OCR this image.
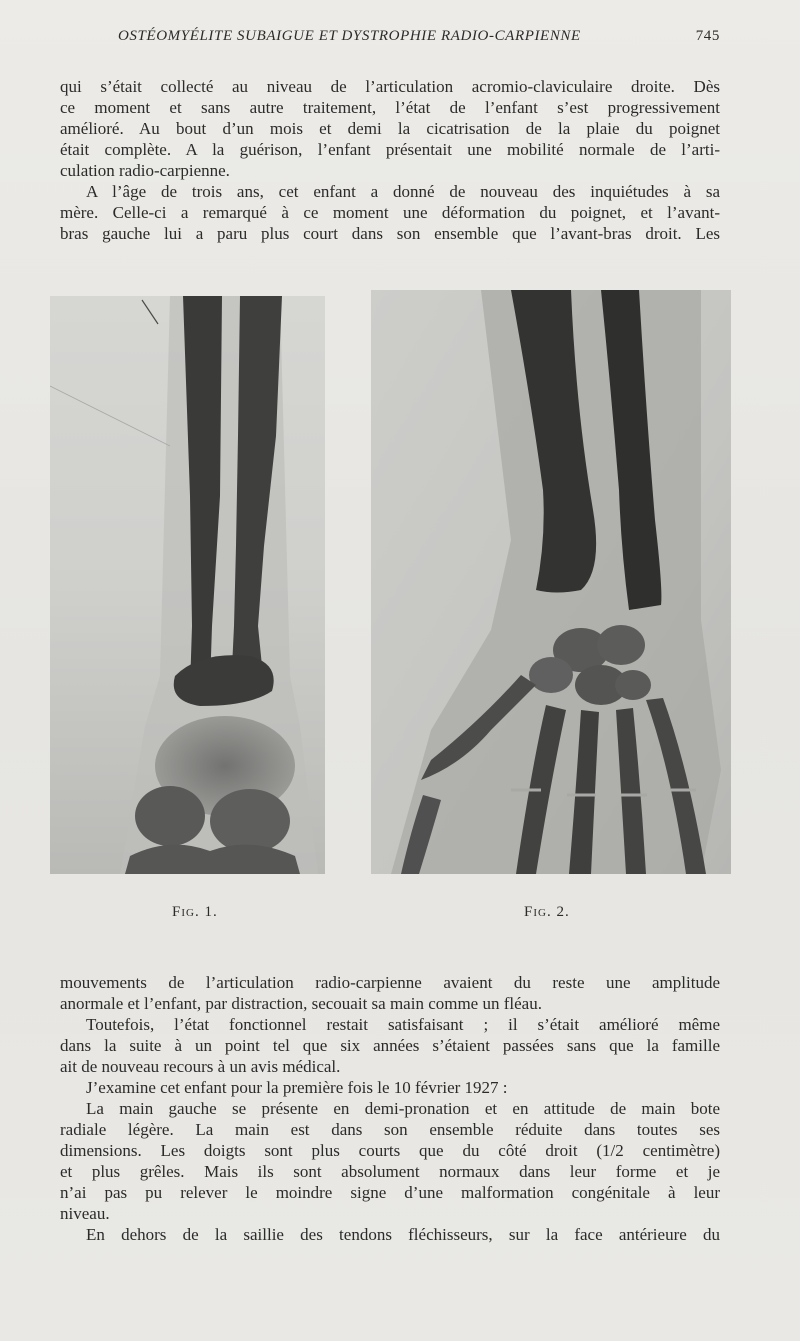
OSTÉOMYÉLITE SUBAIGUE ET DYSTROPHIE RADIO-CARPIENNE	745
qui s’était collecté au niveau de l’articulation acromio-claviculaire droite. Dès
ce moment et sans autre traitement, l’état de l’enfant s’est progressivement
amélioré. Au bout d’un mois et demi la cicatrisation de la plaie du poignet
était complète. A la guérison, l’enfant présentait une mobilité normale de l’arti-
culation radio-carpienne.
A l’âge de trois ans, cet enfant a donné de nouveau des inquiétudes à sa
mère. Celle-ci a remarqué à ce moment une déformation du poignet, et l’avant-
bras gauche lui a paru plus court dans son ensemble que l’avant-bras droit. Les
Fig. 1.	Fig. 2.
mouvements de l’articulation radio-carpienne avaient du reste une amplitude
anormale et l’enfant, par distraction, secouait sa main comme un fléau.
Toutefois, l’état fonctionnel restait satisfaisant ; il s’était amélioré même
dans la suite à un point tel que six années s’étaient passées sans que la famille
ait de nouveau recours à un avis médical.
J’examine cet enfant pour la première fois le 10 février 1927 :
La main gauche se présente en demi-pronation et en attitude de main bote
radiale légère. La main est dans son ensemble réduite dans toutes ses
dimensions. Les doigts sont plus courts que du côté droit (1/2 centimètre)
et plus grêles. Mais ils sont absolument normaux dans leur forme et je
n’ai pas pu relever le moindre signe d’une malformation congénitale à leur
niveau.
En dehors de la saillie des tendons fléchisseurs, sur la face antérieure du
